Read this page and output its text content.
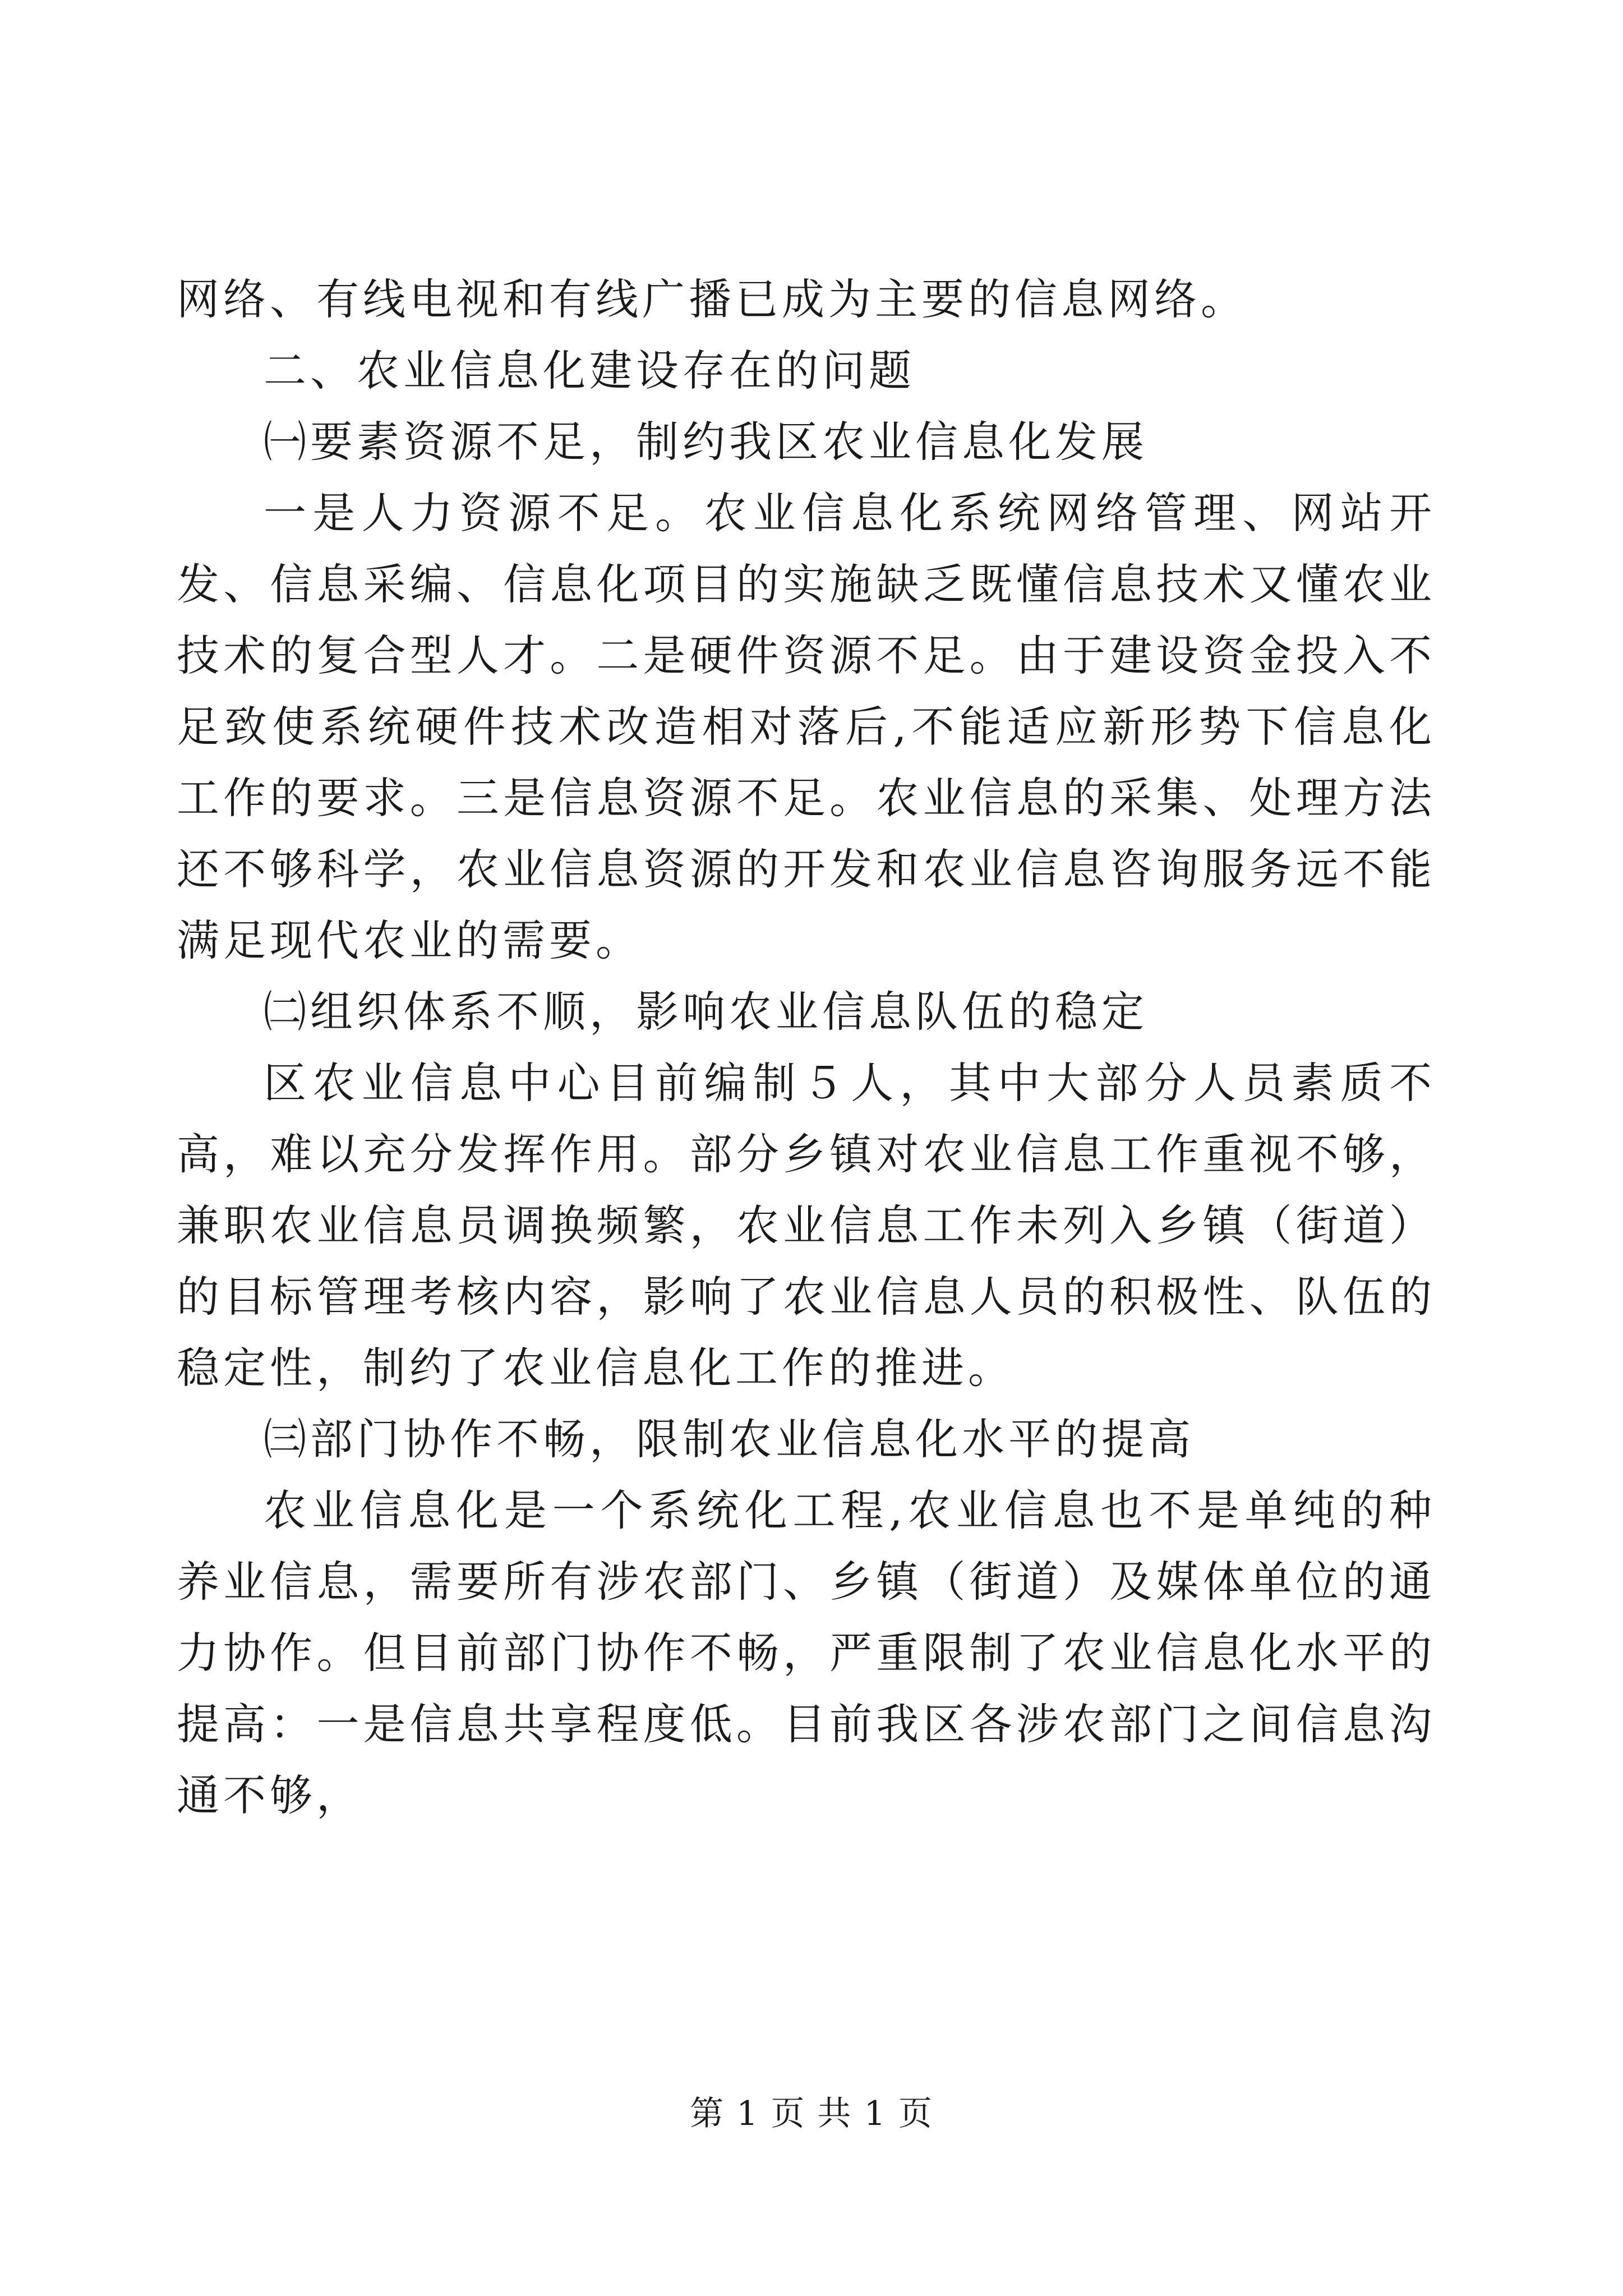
网络、有线电视和有线广播已成为主要的信息网络。

二、农业信息化建设存在的问题

㈠要素资源不足，制约我区农业信息化发展

一是人力资源不足。农业信息化系统网络管理、网站开发、信息采编、信息化项目的实施缺乏既懂信息技术又懂农业技术的复合型人才。二是硬件资源不足。由于建设资金投入不足致使系统硬件技术改造相对落后,不能适应新形势下信息化工作的要求。三是信息资源不足。农业信息的采集、处理方法还不够科学，农业信息资源的开发和农业信息咨询服务远不能满足现代农业的需要。

㈡组织体系不顺，影响农业信息队伍的稳定

区农业信息中心目前编制５人，其中大部分人员素质不高，难以充分发挥作用。部分乡镇对农业信息工作重视不够，兼职农业信息员调换频繁，农业信息工作未列入乡镇（街道）的目标管理考核内容，影响了农业信息人员的积极性、队伍的稳定性，制约了农业信息化工作的推进。

㈢部门协作不畅，限制农业信息化水平的提高

农业信息化是一个系统化工程,农业信息也不是单纯的种养业信息，需要所有涉农部门、乡镇（街道）及媒体单位的通力协作。但目前部门协作不畅，严重限制了农业信息化水平的提高：一是信息共享程度低。目前我区各涉农部门之间信息沟通不够，

第 1 页 共 1 页
